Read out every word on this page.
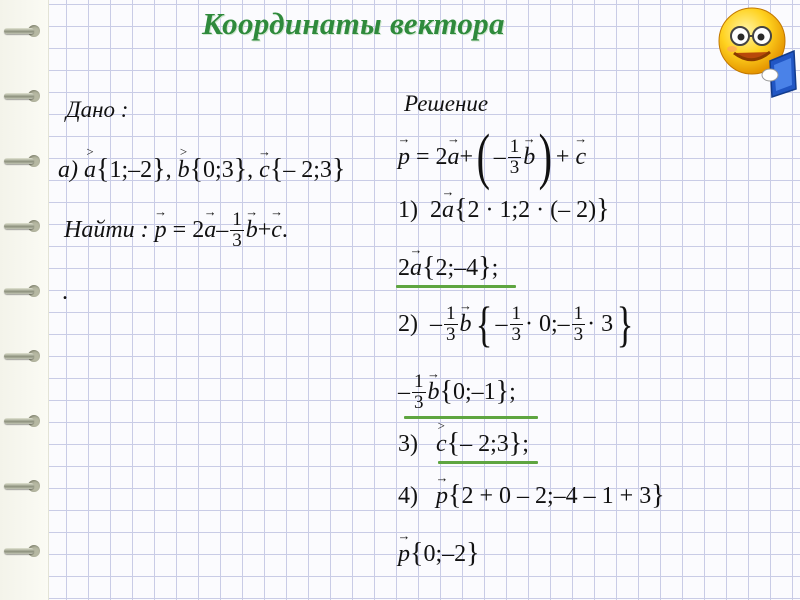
Координаты вектора
Дано :
а)
˃
a { 1;–2 } ,
˃
b { 0;3 } ,
→
c { – 2;3 }
Найти :
→
p = 2
→
a – $\frac{1}{3}$ →
b +
→
c .
.
Решение
→
p = 2
→
a + ( – $\frac{1}{3}$ →
b ) +
→
c
1) 2
→
a { 2 · 1;2 · (– 2) }
2
→
a { 2;–4 } ;
$2) - \frac{1}{3}$ →
b { – $\frac{1}{3} \cdot 0$; – $\frac{1}{3} \cdot 3$ }
– $\frac{1}{3}$ →
b { 0;–1 } ;
3)
˃
c { – 2;3 } ;
4)
→
p { 2 + 0 – 2;–4 – 1 + 3 }
→
p { 0;–2 }
